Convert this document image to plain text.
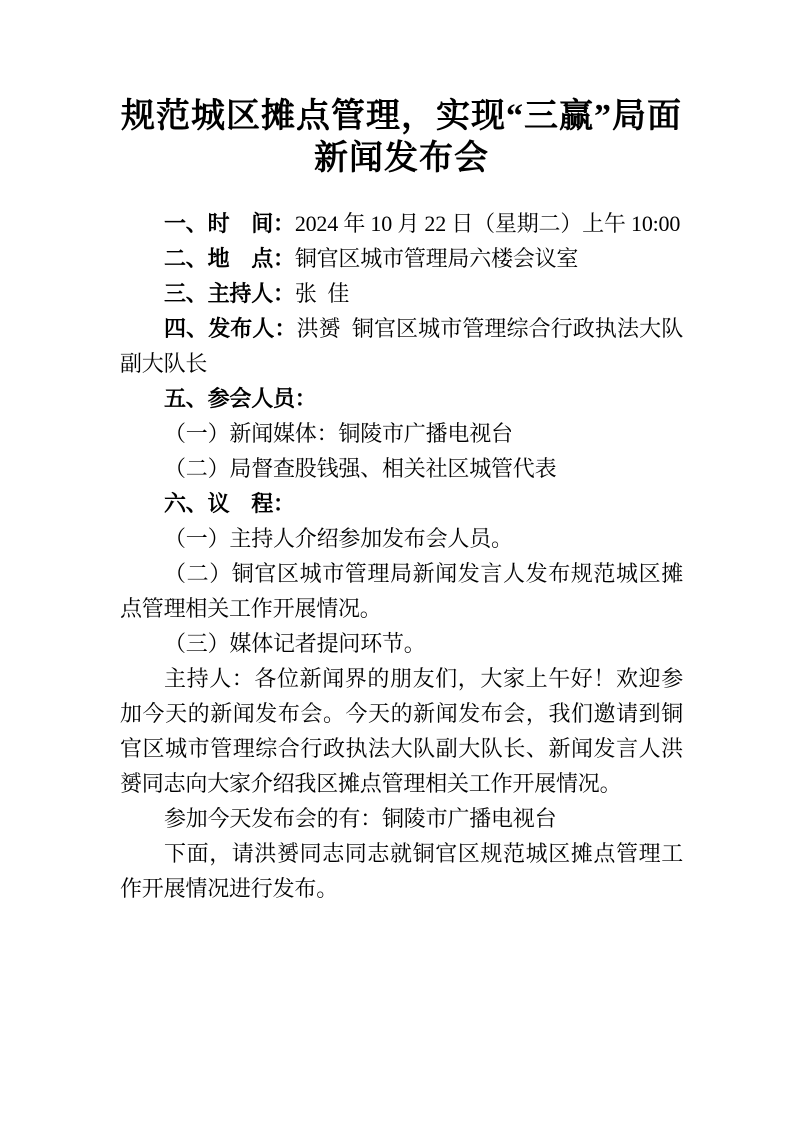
规范城区摊点管理，实现“三赢”局面
新闻发布会

一、时　间：2024 年 10 月 22 日（星期二）上午 10:00

二、地　点：铜官区城市管理局六楼会议室

三、主持人：张 佳

四、发布人：洪赟 铜官区城市管理综合行政执法大队副大队长

五、参会人员：

（一）新闻媒体：铜陵市广播电视台

（二）局督查股钱强、相关社区城管代表

六、议　程：

（一）主持人介绍参加发布会人员。

（二）铜官区城市管理局新闻发言人发布规范城区摊点管理相关工作开展情况。

（三）媒体记者提问环节。

主持人：各位新闻界的朋友们，大家上午好！欢迎参加今天的新闻发布会。今天的新闻发布会，我们邀请到铜官区城市管理综合行政执法大队副大队长、新闻发言人洪赟同志向大家介绍我区摊点管理相关工作开展情况。

参加今天发布会的有：铜陵市广播电视台

下面，请洪赟同志同志就铜官区规范城区摊点管理工作开展情况进行发布。
